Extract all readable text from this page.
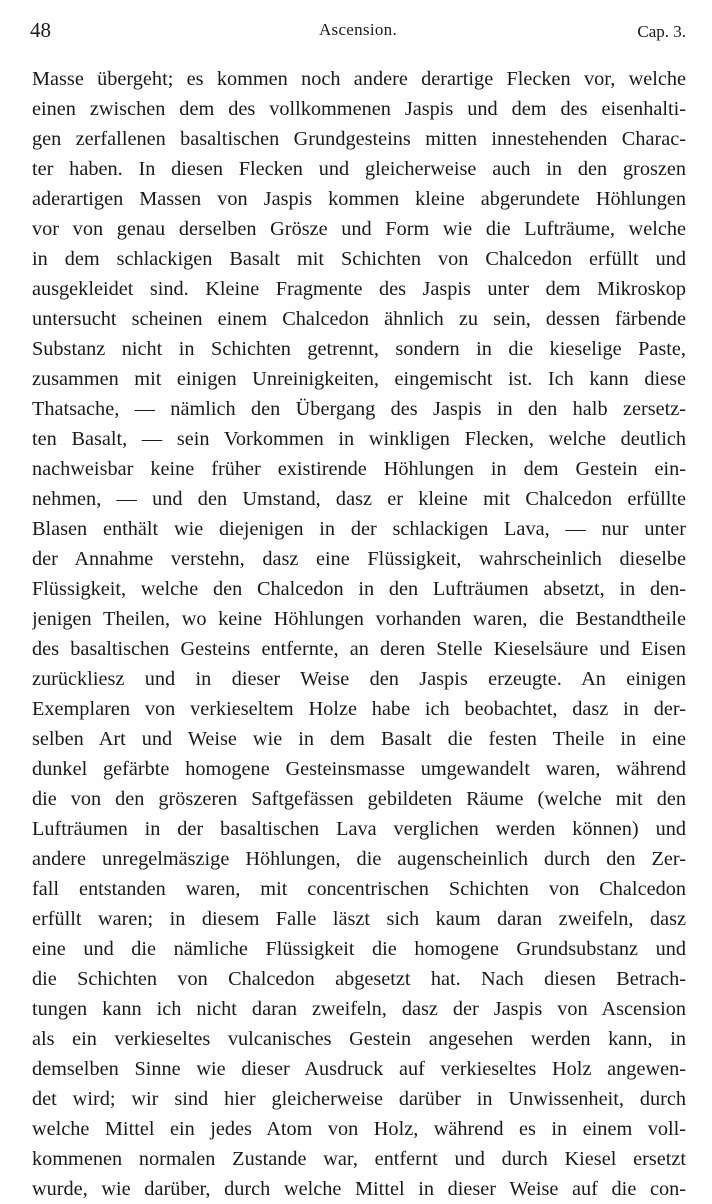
48	Ascension.	Cap. 3.
Masse übergeht; es kommen noch andere derartige Flecken vor, welche
einen zwischen dem des vollkommenen Jaspis und dem des eisenhalti-
gen zerfallenen basaltischen Grundgesteins mitten innestehenden Charac-
ter haben. In diesen Flecken und gleicherweise auch in den groszen
aderartigen Massen von Jaspis kommen kleine abgerundete Höhlungen
vor von genau derselben Grösze und Form wie die Lufträume, welche
in dem schlackigen Basalt mit Schichten von Chalcedon erfüllt und
ausgekleidet sind. Kleine Fragmente des Jaspis unter dem Mikroskop
untersucht scheinen einem Chalcedon ähnlich zu sein, dessen färbende
Substanz nicht in Schichten getrennt, sondern in die kieselige Paste,
zusammen mit einigen Unreinigkeiten, eingemischt ist. Ich kann diese
Thatsache, — nämlich den Übergang des Jaspis in den halb zersetz-
ten Basalt, — sein Vorkommen in winkligen Flecken, welche deutlich
nachweisbar keine früher existirende Höhlungen in dem Gestein ein-
nehmen, — und den Umstand, dasz er kleine mit Chalcedon erfüllte
Blasen enthält wie diejenigen in der schlackigen Lava, — nur unter
der Annahme verstehn, dasz eine Flüssigkeit, wahrscheinlich dieselbe
Flüssigkeit, welche den Chalcedon in den Lufträumen absetzt, in den-
jenigen Theilen, wo keine Höhlungen vorhanden waren, die Bestandtheile
des basaltischen Gesteins entfernte, an deren Stelle Kieselsäure und Eisen
zurückliesz und in dieser Weise den Jaspis erzeugte. An einigen
Exemplaren von verkieseltem Holze habe ich beobachtet, dasz in der-
selben Art und Weise wie in dem Basalt die festen Theile in eine
dunkel gefärbte homogene Gesteinsmasse umgewandelt waren, während
die von den gröszeren Saftgefässen gebildeten Räume (welche mit den
Lufträumen in der basaltischen Lava verglichen werden können) und
andere unregelmäszige Höhlungen, die augenscheinlich durch den Zer-
fall entstanden waren, mit concentrischen Schichten von Chalcedon
erfüllt waren; in diesem Falle läszt sich kaum daran zweifeln, dasz
eine und die nämliche Flüssigkeit die homogene Grundsubstanz und
die Schichten von Chalcedon abgesetzt hat. Nach diesen Betrach-
tungen kann ich nicht daran zweifeln, dasz der Jaspis von Ascension
als ein verkieseltes vulcanisches Gestein angesehen werden kann, in
demselben Sinne wie dieser Ausdruck auf verkieseltes Holz angewen-
det wird; wir sind hier gleicherweise darüber in Unwissenheit, durch
welche Mittel ein jedes Atom von Holz, während es in einem voll-
kommenen normalen Zustande war, entfernt und durch Kiesel ersetzt
wurde, wie darüber, durch welche Mittel in dieser Weise auf die con-
